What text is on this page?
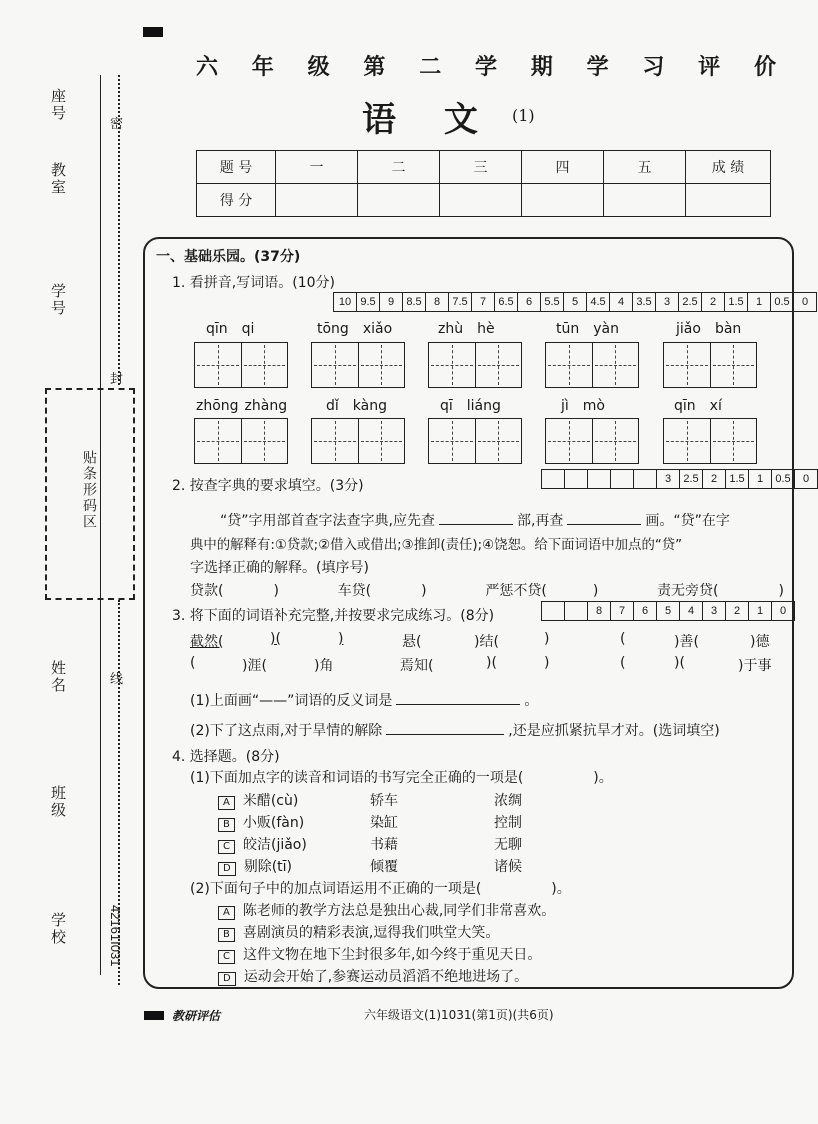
座号
教室
学号
姓名
班级
学校
密
封
线
贴条形码区
42161I031
六 年 级 第 二 学 期 学 习 评 价
语 文 (1)
题 号	一	二	三	四	五	成 绩
得 分						
一、基础乐园。(37分)
1. 看拼音,写词语。(10分)
10 9.5	9	8.5	8	7.5	7	6.5	6	5.5	5	4.5	4	3.5	3	2.5	2	1.5	1	0.5	0
qīn qi	tōng xiǎo	zhù hè	tūn yàn	jiǎo bàn
zhōng zhàng	dǐ kàng	qī liáng	jì mò	qīn xí
2. 按查字典的要求填空。(3分)	3	2.5	2	1.5	1	0.5	0
“贷”字用部首查字法查字典,应先查	部,再查	画。“贷”在字
典中的解释有:①贷款;②借入或借出;③推卸(责任);④饶恕。给下面词语中加点的“贷”
字选择正确的解释。(填序号)
贷款(	)	车贷(	)	严惩不贷(	)	责无旁贷(	)
3. 将下面的词语补充完整,并按要求完成练习。(8分)	8	7	6	5	4	3	2	1	0
截然(	)(	)	悬(	)结(	)	(	)善(	)德
(	)涯(	)角	焉知(	)(	)	(	)(	)于事
(1)上面画“——”词语的反义词是	。
(2)下了这点雨,对于旱情的解除	,还是应抓紧抗旱才对。(选词填空)
4. 选择题。(8分)
(1)下面加点字的读音和词语的书写完全正确的一项是(	)。
A 米醋(cù)	轿车	浓绸
B 小贩(fàn)	染缸	控制
C 皎洁(jiǎo)	书藉	无聊
D 剔除(tī)	倾覆	诸候
(2)下面句子中的加点词语运用不正确的一项是(	)。
A 陈老师的教学方法总是独出心裁,同学们非常喜欢。
B 喜剧演员的精彩表演,逗得我们哄堂大笑。
C 这件文物在地下尘封很多年,如今终于重见天日。
D 运动会开始了,参赛运动员滔滔不绝地进场了。
教研评估	六年级语文(1)1031(第1页)(共6页)
